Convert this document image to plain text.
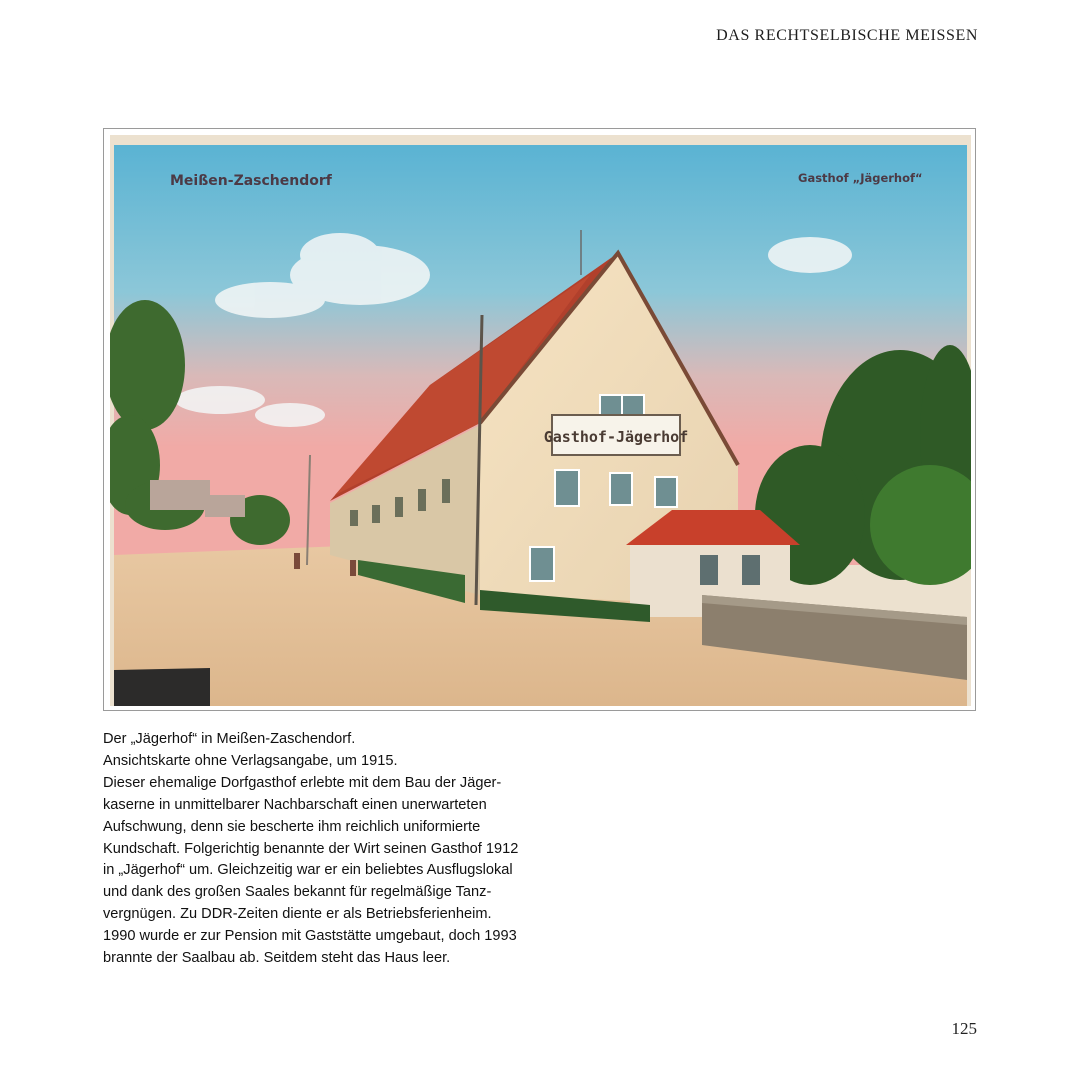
DAS RECHTSELBISCHE MEISSEN
Gasthof-Jägerhof
Meißen-Zaschendorf	Gasthof „Jägerhof“
Der „Jägerhof“ in Meißen-Zaschendorf.
Ansichtskarte ohne Verlagsangabe, um 1915.
Dieser ehemalige Dorfgasthof erlebte mit dem Bau der Jäger-
kaserne in unmittelbarer Nachbarschaft einen unerwarteten
Aufschwung, denn sie bescherte ihm reichlich uniformierte
Kundschaft. Folgerichtig benannte der Wirt seinen Gasthof 1912
in „Jägerhof“ um. Gleichzeitig war er ein beliebtes Ausflugslokal
und dank des großen Saales bekannt für regelmäßige Tanz-
vergnügen. Zu DDR-Zeiten diente er als Betriebsferienheim.
1990 wurde er zur Pension mit Gaststätte umgebaut, doch 1993
brannte der Saalbau ab. Seitdem steht das Haus leer.
125
